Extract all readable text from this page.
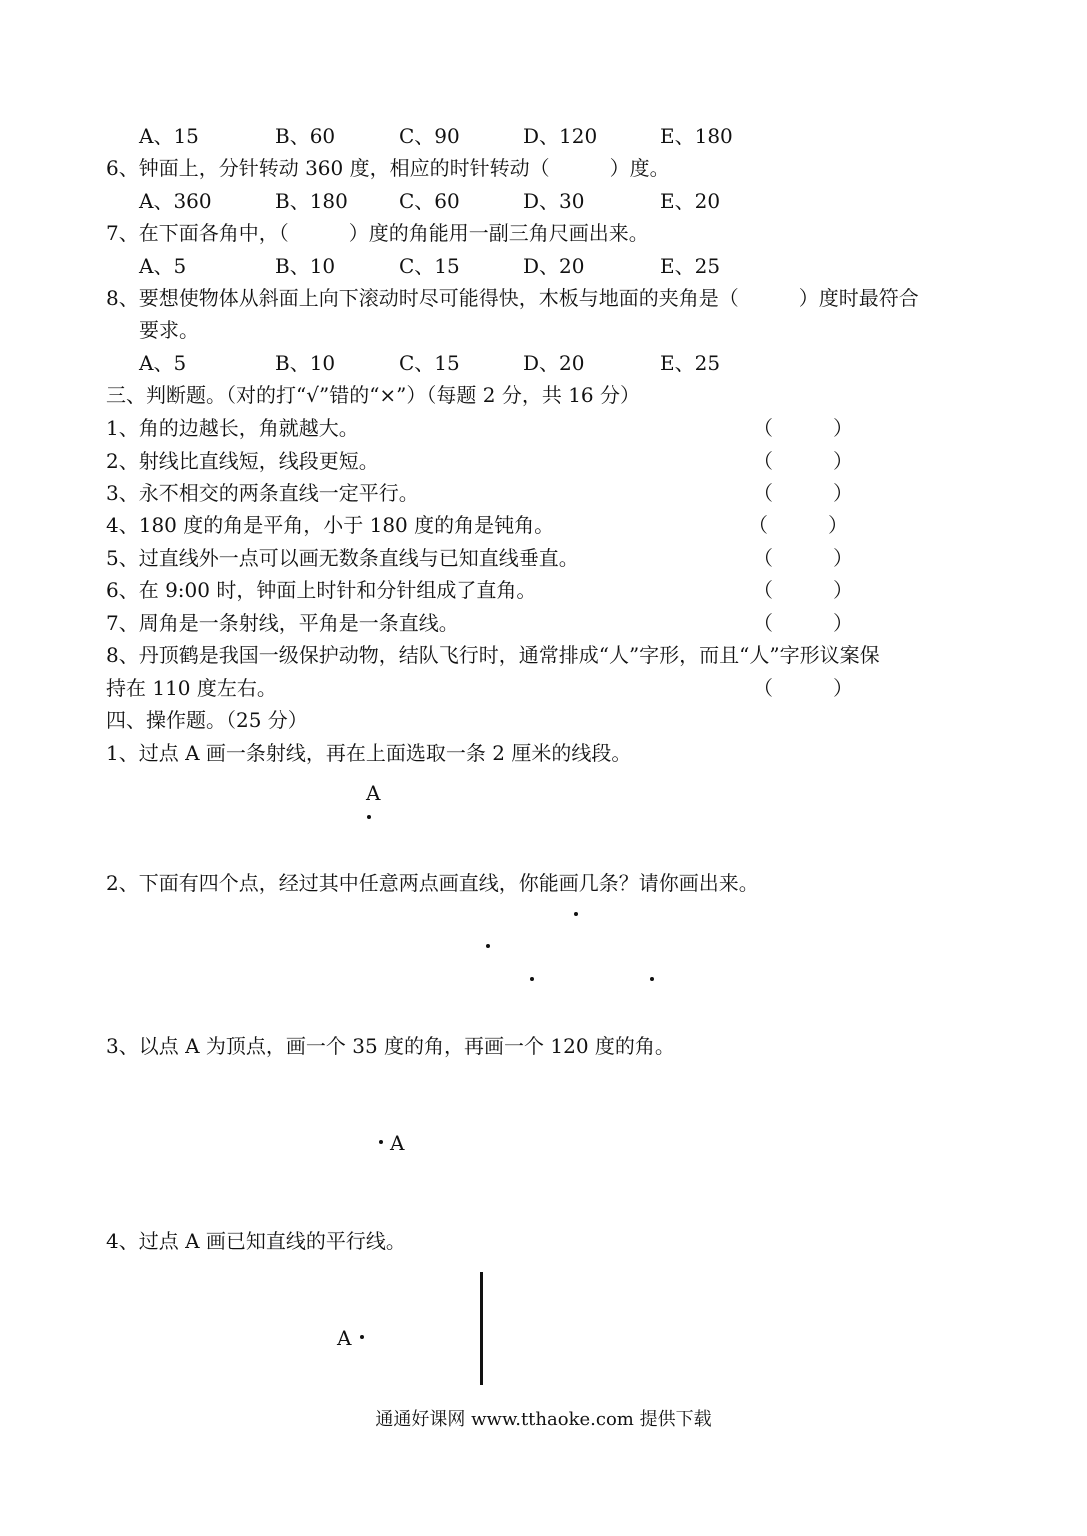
A、15	B、60	C、90	D、120	E、180
6、钟面上，分针转动 360 度，相应的时针转动（　　　）度。
A、360	B、180	C、60	D、30	E、20
7、在下面各角中，（　　　）度的角能用一副三角尺画出来。
A、5	B、10	C、15	D、20	E、25
8、要想使物体从斜面上向下滚动时尽可能得快，木板与地面的夹角是（　　　）度时最符合
要求。
A、5	B、10	C、15	D、20	E、25
三、判断题。（对的打“√”错的“×”）（每题 2 分，共 16 分）
1、角的边越长，角就越大。	（　　　）
2、射线比直线短，线段更短。	（　　　）
3、永不相交的两条直线一定平行。	（　　　）
4、180 度的角是平角，小于 180 度的角是钝角。	（　　　）
5、过直线外一点可以画无数条直线与已知直线垂直。	（　　　）
6、在 9:00 时，钟面上时针和分针组成了直角。	（　　　）
7、周角是一条射线，平角是一条直线。	（　　　）
8、丹顶鹤是我国一级保护动物，结队飞行时，通常排成“人”字形，而且“人”字形议案保
持在 110 度左右。	（　　　）
四、操作题。（25 分）
1、过点 A 画一条射线，再在上面选取一条 2 厘米的线段。
A
2、下面有四个点，经过其中任意两点画直线，你能画几条？请你画出来。
3、以点 A 为顶点，画一个 35 度的角，再画一个 120 度的角。
A
4、过点 A 画已知直线的平行线。
A
通通好课网 www.tthaoke.com 提供下载
